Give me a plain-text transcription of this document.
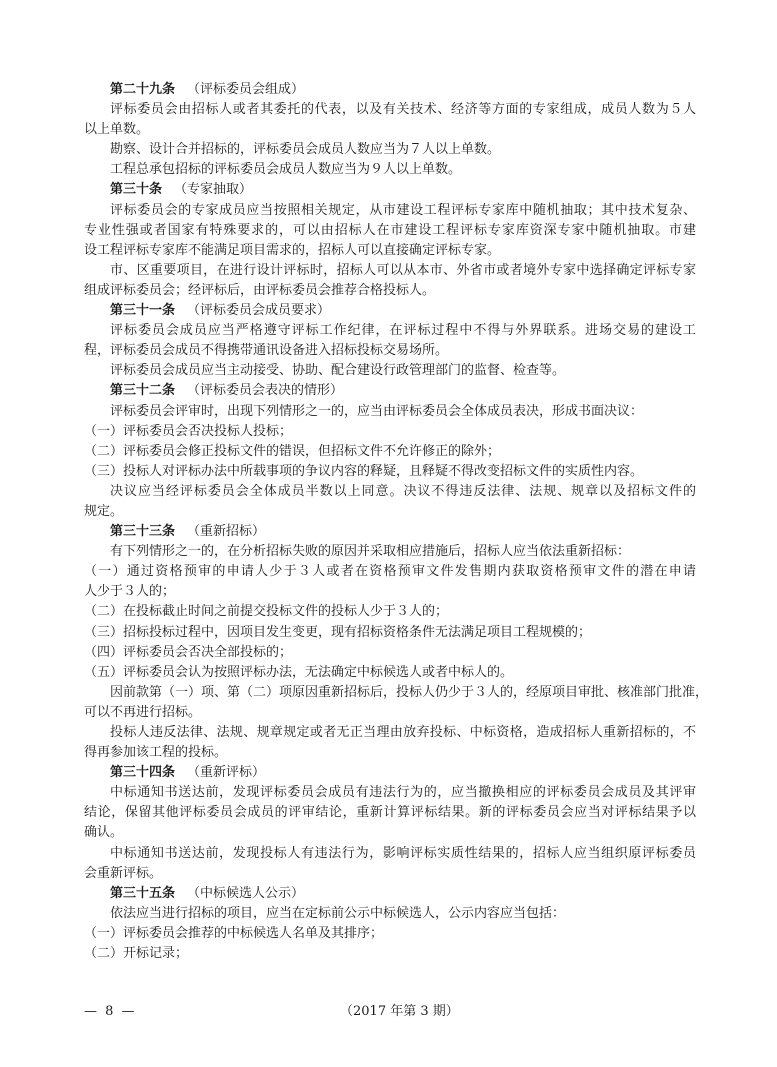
第二十九条 （评标委员会组成）
评标委员会由招标人或者其委托的代表，以及有关技术、经济等方面的专家组成，成员人数为５人
以上单数。
勘察、设计合并招标的，评标委员会成员人数应当为７人以上单数。
工程总承包招标的评标委员会成员人数应当为９人以上单数。
第三十条 （专家抽取）
评标委员会的专家成员应当按照相关规定，从市建设工程评标专家库中随机抽取；其中技术复杂、
专业性强或者国家有特殊要求的，可以由招标人在市建设工程评标专家库资深专家中随机抽取。市建
设工程评标专家库不能满足项目需求的，招标人可以直接确定评标专家。
市、区重要项目，在进行设计评标时，招标人可以从本市、外省市或者境外专家中选择确定评标专家
组成评标委员会；经评标后，由评标委员会推荐合格投标人。
第三十一条 （评标委员会成员要求）
评标委员会成员应当严格遵守评标工作纪律，在评标过程中不得与外界联系。进场交易的建设工
程，评标委员会成员不得携带通讯设备进入招标投标交易场所。
评标委员会成员应当主动接受、协助、配合建设行政管理部门的监督、检查等。
第三十二条 （评标委员会表决的情形）
评标委员会评审时，出现下列情形之一的，应当由评标委员会全体成员表决，形成书面决议：
（一）评标委员会否决投标人投标；
（二）评标委员会修正投标文件的错误，但招标文件不允许修正的除外；
（三）投标人对评标办法中所载事项的争议内容的释疑，且释疑不得改变招标文件的实质性内容。
决议应当经评标委员会全体成员半数以上同意。决议不得违反法律、法规、规章以及招标文件的
规定。
第三十三条 （重新招标）
有下列情形之一的，在分析招标失败的原因并采取相应措施后，招标人应当依法重新招标：
（一）通过资格预审的申请人少于３人或者在资格预审文件发售期内获取资格预审文件的潜在申请
人少于３人的；
（二）在投标截止时间之前提交投标文件的投标人少于３人的；
（三）招标投标过程中，因项目发生变更，现有招标资格条件无法满足项目工程规模的；
（四）评标委员会否决全部投标的；
（五）评标委员会认为按照评标办法，无法确定中标候选人或者中标人的。
因前款第（一）项、第（二）项原因重新招标后，投标人仍少于３人的，经原项目审批、核准部门批准，
可以不再进行招标。
投标人违反法律、法规、规章规定或者无正当理由放弃投标、中标资格，造成招标人重新招标的，不
得再参加该工程的投标。
第三十四条 （重新评标）
中标通知书送达前，发现评标委员会成员有违法行为的，应当撤换相应的评标委员会成员及其评审
结论，保留其他评标委员会成员的评审结论，重新计算评标结果。新的评标委员会应当对评标结果予以
确认。
中标通知书送达前，发现投标人有违法行为，影响评标实质性结果的，招标人应当组织原评标委员
会重新评标。
第三十五条 （中标候选人公示）
依法应当进行招标的项目，应当在定标前公示中标候选人，公示内容应当包括：
（一）评标委员会推荐的中标候选人名单及其排序；
（二）开标记录；
— 8 —	（2017 年第 3 期）
